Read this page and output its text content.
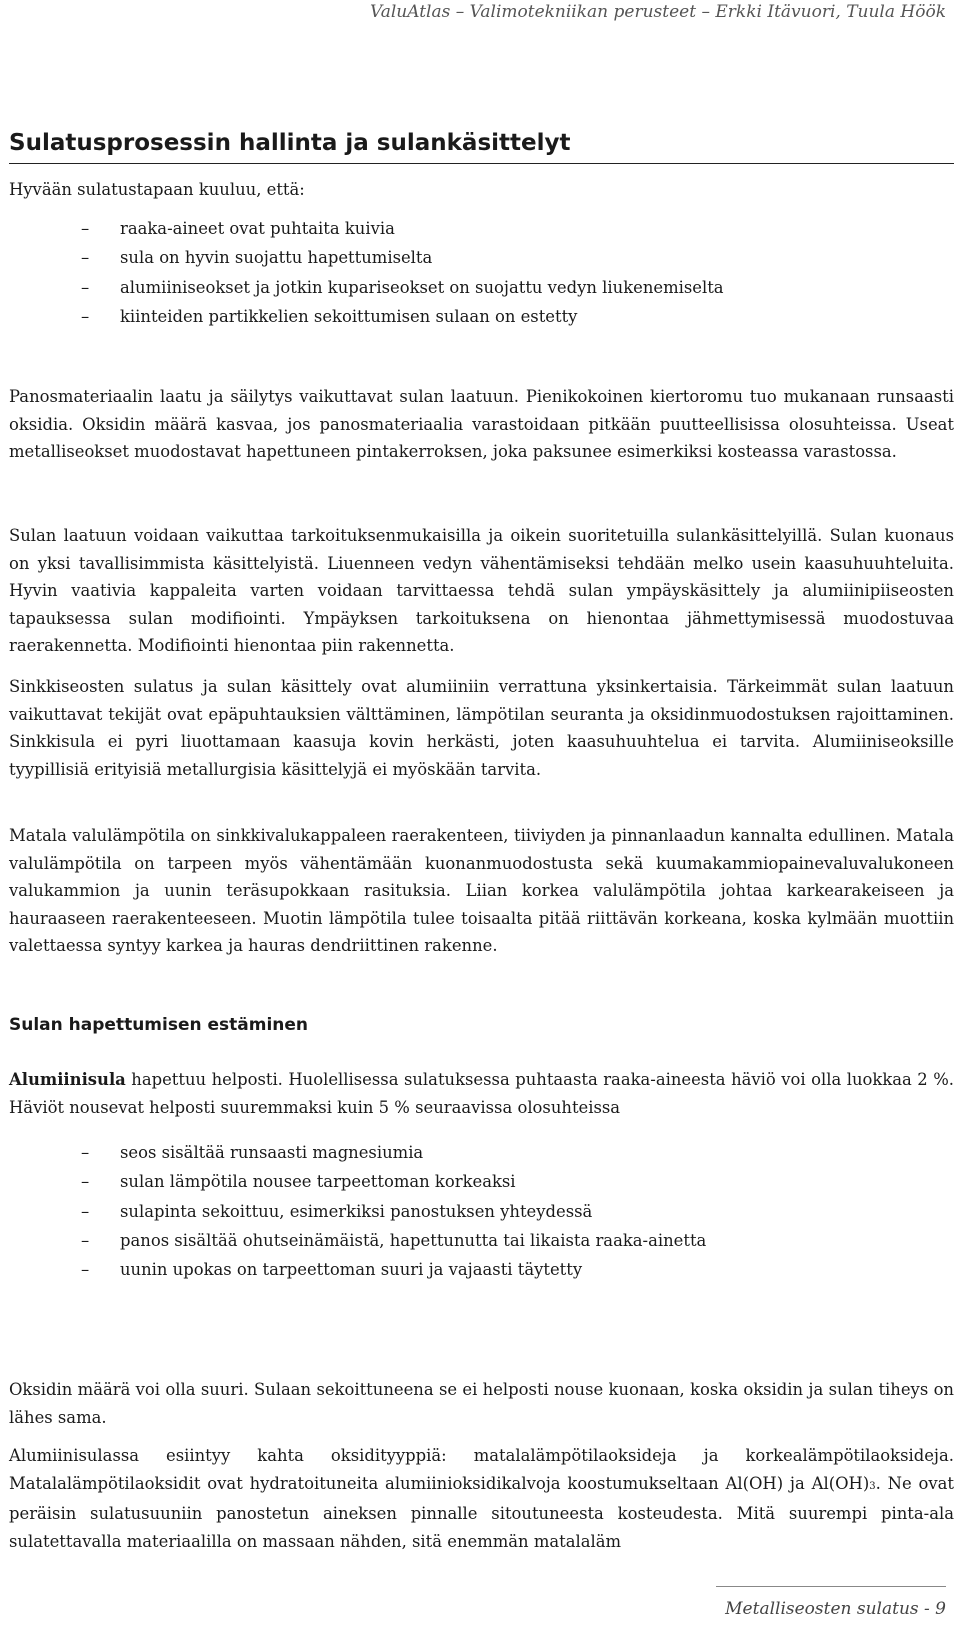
ValuAtlas – Valimotekniikan perusteet – Erkki Itävuori, Tuula Höök
Sulatusprosessin hallinta ja sulankäsittelyt

Hyvään sulatustapaan kuuluu, että:

– raaka-aineet ovat puhtaita kuivia
– sula on hyvin suojattu hapettumiselta
– alumiiniseokset ja jotkin kupariseokset on suojattu vedyn liukenemiselta
– kiinteiden partikkelien sekoittumisen sulaan on estetty

Panosmateriaalin laatu ja säilytys vaikuttavat sulan laatuun. Pienikokoinen kiertoromu tuo mukanaan runsaasti oksidia. Oksidin määrä kasvaa, jos panosmateriaalia varastoidaan pitkään puutteellisissa olosuhteissa. Useat metalliseokset muodostavat hapettuneen pintakerroksen, joka paksunee esimerkiksi kosteassa varastossa.

Sulan laatuun voidaan vaikuttaa tarkoituksenmukaisilla ja oikein suoritetuilla sulankäsittelyillä. Sulan kuonaus on yksi tavallisimmista käsittelyistä. Liuenneen vedyn vähentämiseksi tehdään melko usein kaasuhuuhteluita. Hyvin vaativia kappaleita varten voidaan tarvittaessa tehdä sulan ympäyskäsittely ja alumiinipiiseosten tapauksessa sulan modifiointi. Ympäyksen tarkoituksena on hienontaa jähmettymisessä muodostuvaa raerakennetta. Modifiointi hienontaa piin rakennetta.

Sinkkiseosten sulatus ja sulan käsittely ovat alumiiniin verrattuna yksinkertaisia. Tärkeimmät sulan laatuun vaikuttavat tekijät ovat epäpuhtauksien välttäminen, lämpötilan seuranta ja oksidinmuodostuksen rajoittaminen. Sinkkisula ei pyri liuottamaan kaasuja kovin herkästi, joten kaasuhuuhtelua ei tarvita. Alumiiniseoksille tyypillisiä erityisiä metallurgisia käsittelyjä ei myöskään tarvita.

Matala valulämpötila on sinkkivalukappaleen raerakenteen, tiiviyden ja pinnanlaadun kannalta edullinen. Matala valulämpötila on tarpeen myös vähentämään kuonanmuodostusta sekä kuumakammiopainevaluvalukoneen valukammion ja uunin teräsupokkaan rasituksia. Liian korkea valulämpötila johtaa karkearakeiseen ja hauraaseen raerakenteeseen. Muotin lämpötila tulee toisaalta pitää riittävän korkeana, koska kylmään muottiin valettaessa syntyy karkea ja hauras dendriittinen rakenne.

Sulan hapettumisen estäminen

Alumiinisula hapettuu helposti. Huolellisessa sulatuksessa puhtaasta raaka-aineesta häviö voi olla luokkaa 2 %. Häviöt nousevat helposti suuremmaksi kuin 5 % seuraavissa olosuhteissa

– seos sisältää runsaasti magnesiumia
– sulan lämpötila nousee tarpeettoman korkeaksi
– sulapinta sekoittuu, esimerkiksi panostuksen yhteydessä
– panos sisältää ohutseinämäistä, hapettunutta tai likaista raaka-ainetta
– uunin upokas on tarpeettoman suuri ja vajaasti täytetty

Oksidin määrä voi olla suuri. Sulaan sekoittuneena se ei helposti nouse kuonaan, koska oksidin ja sulan tiheys on lähes sama.

Alumiinisulassa esiintyy kahta oksidityyppiä: matalalämpötilaoksideja ja korkealämpötilaoksideja. Matalalämpötilaoksidit ovat hydratoituneita alumiinioksidikalvoja koostumukseltaan Al(OH) ja Al(OH)3. Ne ovat peräisin sulatusuuniin panostetun aineksen pinnalle sitoutuneesta kosteudesta. Mitä suurempi pinta-ala sulatettavalla materiaalilla on massaan nähden, sitä enemmän matalaläm

Metalliseosten sulatus - 9
